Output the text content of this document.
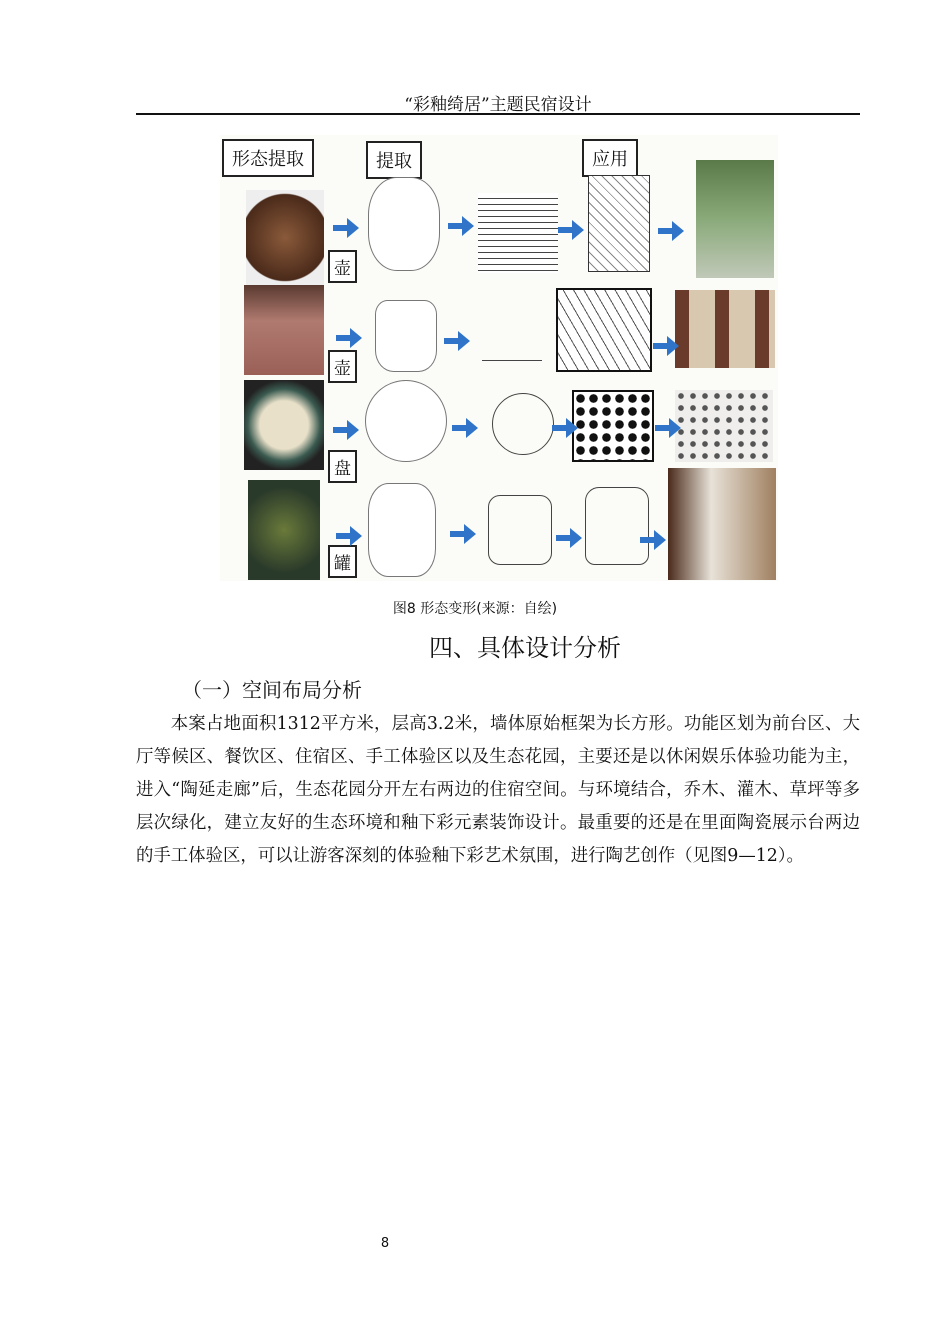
“彩釉绮居”主题民宿设计
形态提取	提取	应用
壶
壶
盘
罐
图8 形态变形(来源：自绘)
四、具体设计分析
（一）空间布局分析
本案占地面积1312平方米，层高3.2米，墙体原始框架为长方形。功能区划为前台区、大厅等候区、餐饮区、住宿区、手工体验区以及生态花园，主要还是以休闲娱乐体验功能为主，进入“陶延走廊”后，生态花园分开左右两边的住宿空间。与环境结合，乔木、灌木、草坪等多层次绿化，建立友好的生态环境和釉下彩元素装饰设计。最重要的还是在里面陶瓷展示台两边的手工体验区，可以让游客深刻的体验釉下彩艺术氛围，进行陶艺创作（见图9—12）。
8
